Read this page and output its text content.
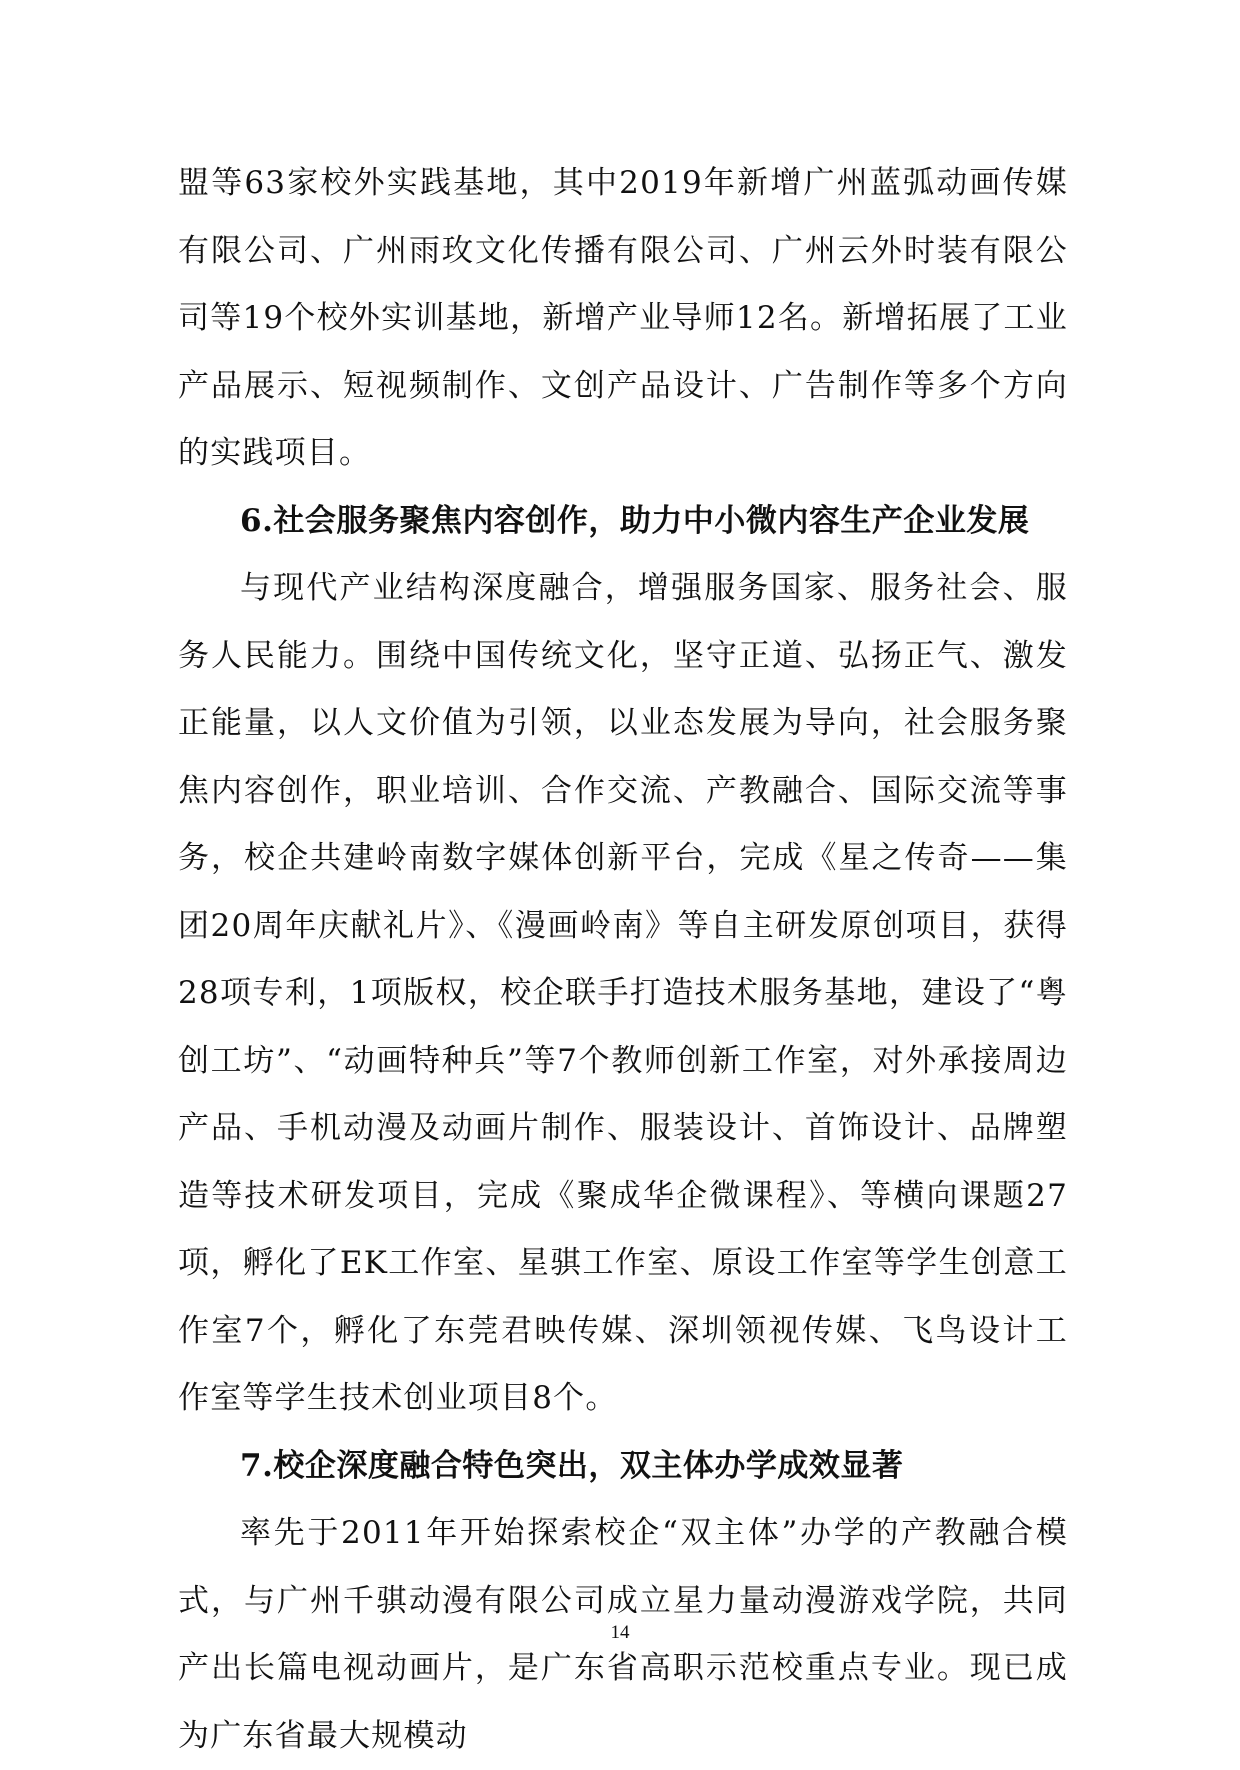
盟等63家校外实践基地，其中2019年新增广州蓝弧动画传媒有限公司、广州雨玫文化传播有限公司、广州云外时装有限公司等19个校外实训基地，新增产业导师12名。新增拓展了工业产品展示、短视频制作、文创产品设计、广告制作等多个方向的实践项目。

6.社会服务聚焦内容创作，助力中小微内容生产企业发展

与现代产业结构深度融合，增强服务国家、服务社会、服务人民能力。围绕中国传统文化，坚守正道、弘扬正气、激发正能量，以人文价值为引领，以业态发展为导向，社会服务聚焦内容创作，职业培训、合作交流、产教融合、国际交流等事务，校企共建岭南数字媒体创新平台，完成《星之传奇——集团20周年庆献礼片》、《漫画岭南》等自主研发原创项目，获得28项专利，1项版权，校企联手打造技术服务基地，建设了“粤创工坊”、“动画特种兵”等7个教师创新工作室，对外承接周边产品、手机动漫及动画片制作、服装设计、首饰设计、品牌塑造等技术研发项目，完成《聚成华企微课程》、等横向课题27项，孵化了EK工作室、星骐工作室、原设工作室等学生创意工作室7个，孵化了东莞君映传媒、深圳领视传媒、飞鸟设计工作室等学生技术创业项目8个。

7.校企深度融合特色突出，双主体办学成效显著

率先于2011年开始探索校企“双主体”办学的产教融合模式，与广州千骐动漫有限公司成立星力量动漫游戏学院，共同产出长篇电视动画片，是广东省高职示范校重点专业。现已成为广东省最大规模动

14
